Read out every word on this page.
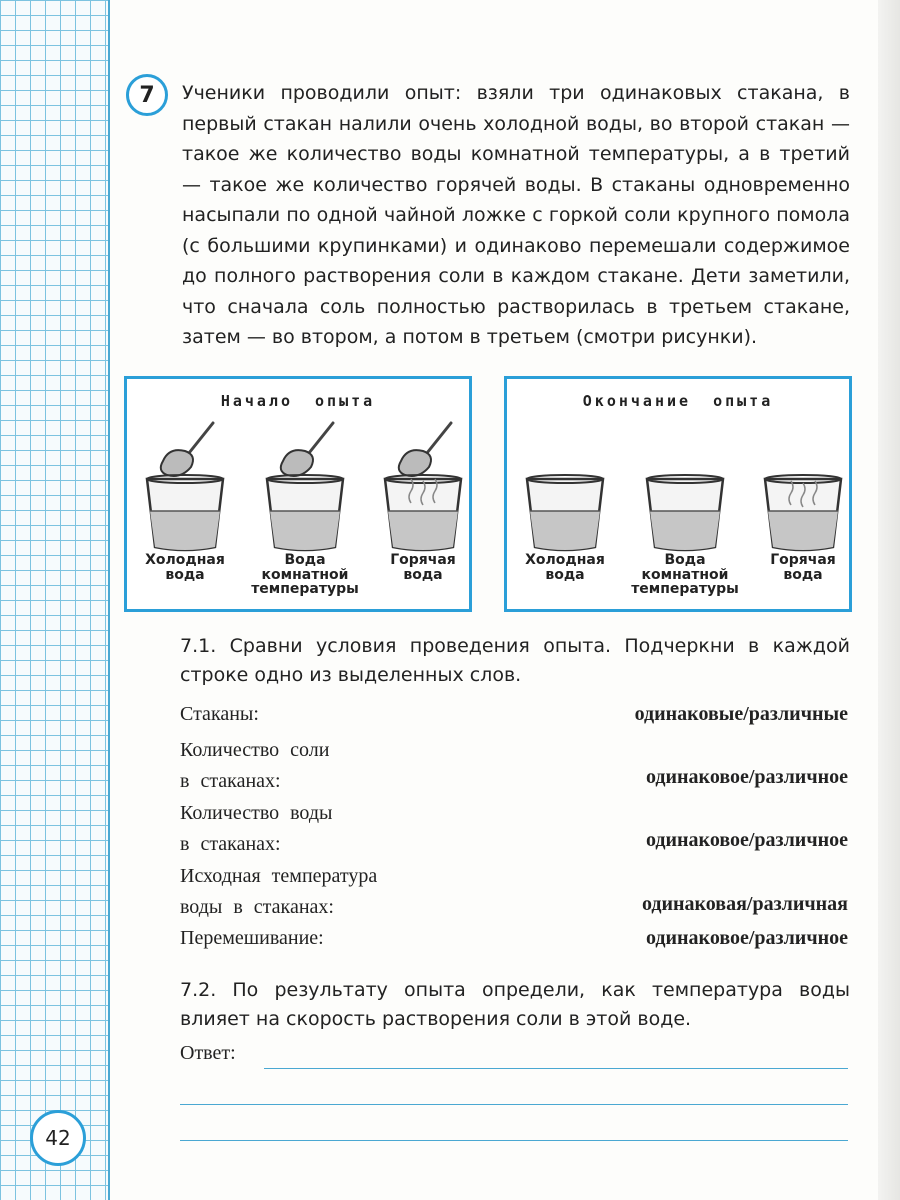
7	Ученики проводили опыт: взяли три одинаковых стакана, в первый стакан налили очень холодной воды, во второй стакан — такое же количество воды комнатной температуры, а в третий — такое же количество горячей воды. В стаканы одновременно насыпали по одной чайной ложке с горкой соли крупного помола (с большими крупинками) и одинаково перемешали содержимое до полного растворения соли в каждом стакане. Дети заметили, что сначала соль полностью растворилась в третьем стакане, затем — во втором, а потом в третьем (смотри рисунки).

Начало опыта
Холодная
вода
Вода
комнатной
температуры
Горячая
вода
Окончание опыта
Холодная
вода
Вода
комнатной
температуры
Горячая
вода

7.1. Сравни условия проведения опыта. Подчеркни в каждой строке одно из выделенных слов.

Стаканы:	одинаковые/различные
Количество соли
в стаканах:	одинаковое/различное
Количество воды
в стаканах:	одинаковое/различное
Исходная температура
воды в стаканах:	одинаковая/различная
Перемешивание:	одинаковое/различное

7.2. По результату опыта определи, как температура воды влияет на скорость растворения соли в этой воде.

Ответ:
42
